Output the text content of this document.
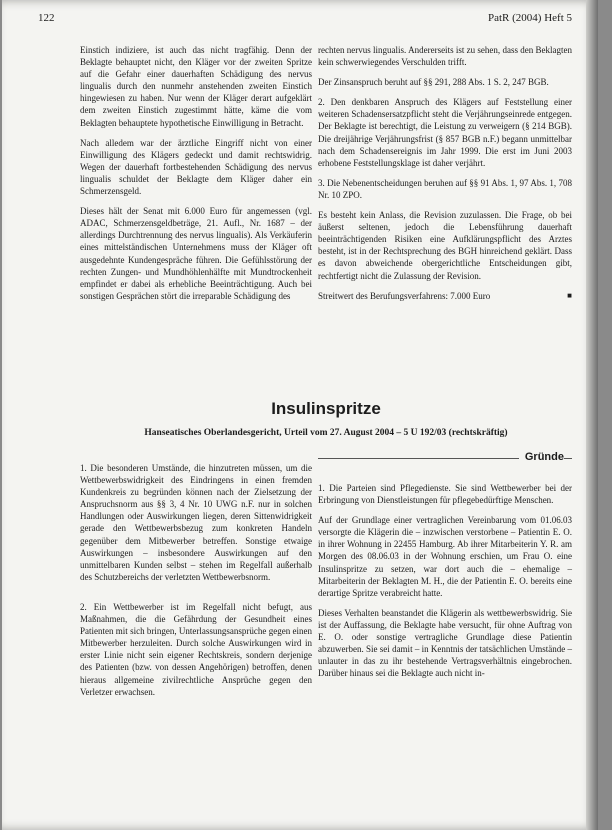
122	PatR (2004) Heft 5

Einstich indiziere, ist auch das nicht tragfähig. Denn der Beklagte behauptet nicht, den Kläger vor der zweiten Spritze auf die Gefahr einer dauerhaften Schädigung des nervus lingualis durch den nunmehr anstehenden zweiten Einstich hingewiesen zu haben. Nur wenn der Kläger derart aufgeklärt dem zweiten Einstich zugestimmt hätte, käme die vom Beklagten behauptete hypothetische Einwilligung in Betracht.

Nach alledem war der ärztliche Eingriff nicht von einer Einwilligung des Klägers gedeckt und damit rechtswidrig. Wegen der dauerhaft fortbestehenden Schädigung des nervus lingualis schuldet der Beklagte dem Kläger daher ein Schmerzensgeld.

Dieses hält der Senat mit 6.000 Euro für angemessen (vgl. ADAC, Schmerzensgeldbeträge, 21. Aufl., Nr. 1687 – der allerdings Durchtrennung des nervus lingualis). Als Verkäuferin eines mittelständischen Unternehmens muss der Kläger oft ausgedehnte Kundengespräche führen. Die Gefühlsstörung der rechten Zungen- und Mundhöhlenhälfte mit Mundtrockenheit empfindet er dabei als erhebliche Beeinträchtigung. Auch bei sonstigen Gesprächen stört die irreparable Schädigung des

rechten nervus lingualis. Andererseits ist zu sehen, dass den Beklagten kein schwerwiegendes Verschulden trifft.

Der Zinsanspruch beruht auf §§ 291, 288 Abs. 1 S. 2, 247 BGB.

2. Den denkbaren Anspruch des Klägers auf Feststellung einer weiteren Schadensersatzpflicht steht die Verjährungseinrede entgegen. Der Beklagte ist berechtigt, die Leistung zu verweigern (§ 214 BGB). Die dreijährige Verjährungsfrist (§ 857 BGB n.F.) begann unmittelbar nach dem Schadensereignis im Jahr 1999. Die erst im Juni 2003 erhobene Feststellungsklage ist daher verjährt.

3. Die Nebenentscheidungen beruhen auf §§ 91 Abs. 1, 97 Abs. 1, 708 Nr. 10 ZPO.

Es besteht kein Anlass, die Revision zuzulassen. Die Frage, ob bei äußerst seltenen, jedoch die Lebensführung dauerhaft beeinträchtigenden Risiken eine Aufklärungspflicht des Arztes besteht, ist in der Rechtsprechung des BGH hinreichend geklärt. Dass es davon abweichende obergerichtliche Entscheidungen gibt, rechtfertigt nicht die Zulassung der Revision.

Streitwert des Berufungsverfahrens: 7.000 Euro	■

Insulinspritze
Hanseatisches Oberlandesgericht, Urteil vom 27. August 2004 – 5 U 192/03 (rechtskräftig)
Gründe

1. Die besonderen Umstände, die hinzutreten müssen, um die Wettbewerbswidrigkeit des Eindringens in einen fremden Kundenkreis zu begründen können nach der Zielsetzung der Anspruchsnorm aus §§ 3, 4 Nr. 10 UWG n.F. nur in solchen Handlungen oder Auswirkungen liegen, deren Sittenwidrigkeit gerade den Wettbewerbsbezug zum konkreten Handeln gegenüber dem Mitbewerber betreffen. Sonstige etwaige Auswirkungen – insbesondere Auswirkungen auf den unmittelbaren Kunden selbst – stehen im Regelfall außerhalb des Schutzbereichs der verletzten Wettbewerbsnorm.

2. Ein Wettbewerber ist im Regelfall nicht befugt, aus Maßnahmen, die die Gefährdung der Gesundheit eines Patienten mit sich bringen, Unterlassungsansprüche gegen einen Mitbewerber herzuleiten. Durch solche Auswirkungen wird in erster Linie nicht sein eigener Rechtskreis, sondern derjenige des Patienten (bzw. von dessen Angehörigen) betroffen, denen hieraus allgemeine zivilrechtliche Ansprüche gegen den Verletzer erwachsen.

1. Die Parteien sind Pflegedienste. Sie sind Wettbewerber bei der Erbringung von Dienstleistungen für pflegebedürftige Menschen.

Auf der Grundlage einer vertraglichen Vereinbarung vom 01.06.03 versorgte die Klägerin die – inzwischen verstorbene – Patientin E. O. in ihrer Wohnung in 22455 Hamburg. Ab ihrer Mitarbeiterin Y. R. am Morgen des 08.06.03 in der Wohnung erschien, um Frau O. eine Insulinspritze zu setzen, war dort auch die – ehemalige – Mitarbeiterin der Beklagten M. H., die der Patientin E. O. bereits eine derartige Spritze verabreicht hatte.

Dieses Verhalten beanstandet die Klägerin als wettbewerbswidrig. Sie ist der Auffassung, die Beklagte habe versucht, für ohne Auftrag von E. O. oder sonstige vertragliche Grundlage diese Patientin abzuwerben. Sie sei damit – in Kenntnis der tatsächlichen Umstände – unlauter in das zu ihr bestehende Vertragsverhältnis eingebrochen. Darüber hinaus sei die Beklagte auch nicht in-
